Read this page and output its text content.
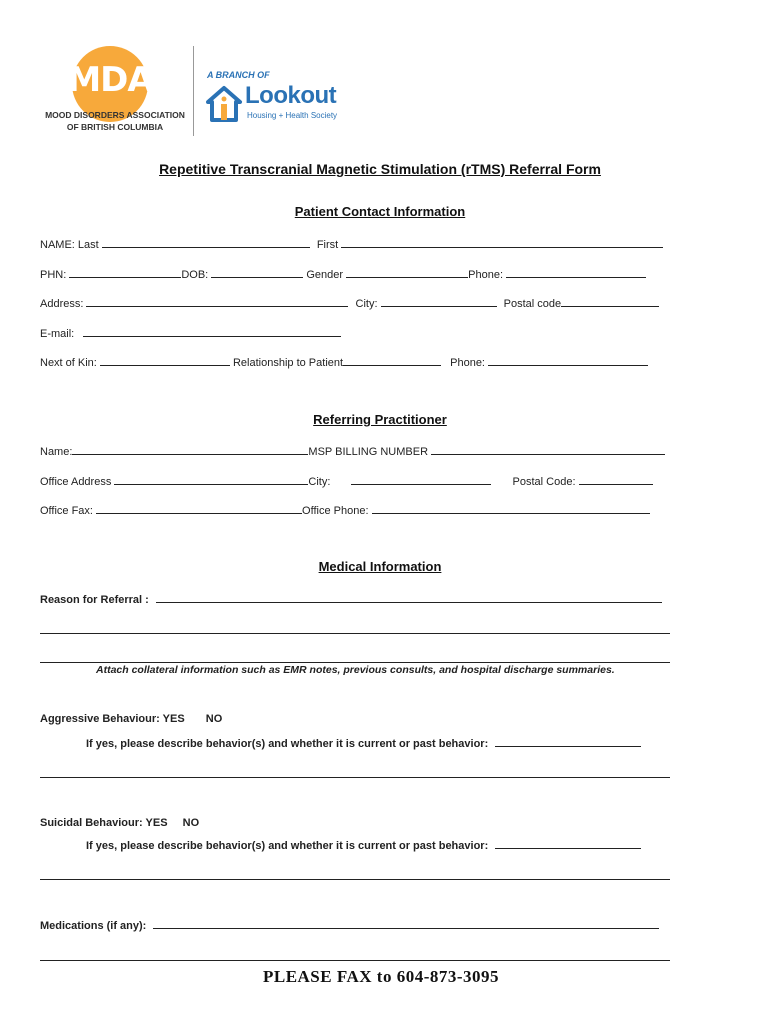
MDA
MOOD DISORDERS ASSOCIATION
OF BRITISH COLUMBIA
A BRANCH OF
Lookout
Housing + Health Society
Repetitive Transcranial Magnetic Stimulation (rTMS) Referral Form
Patient Contact Information
NAME: Last	First
PHN:	DOB:	Gender	Phone:
Address:	City:	Postal code
E-mail:
Next of Kin:	Relationship to Patient	Phone:
Referring Practitioner
Name:	MSP BILLING NUMBER
Office Address	City:	Postal Code:
Office Fax:	Office Phone:
Medical Information
Reason for Referral :
Attach collateral information such as EMR notes, previous consults, and hospital discharge summaries.
Aggressive Behaviour: YES NO
If yes, please describe behavior(s) and whether it is current or past behavior:
Suicidal Behaviour: YES NO
If yes, please describe behavior(s) and whether it is current or past behavior:
Medications (if any):
PLEASE FAX to 604-873-3095
